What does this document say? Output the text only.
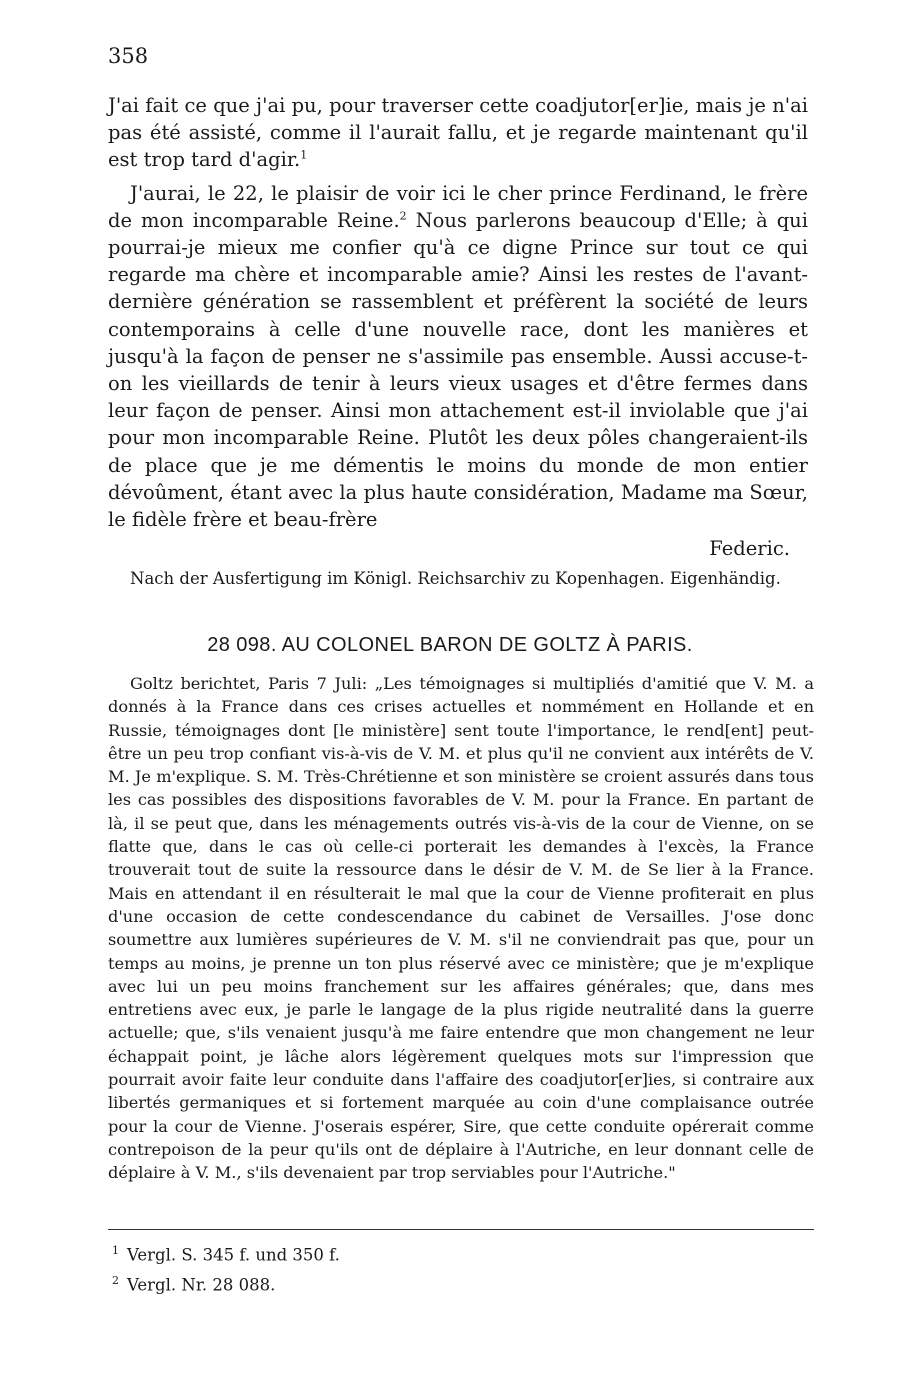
358

J'ai fait ce que j'ai pu, pour traverser cette coadjutor[er]ie, mais je n'ai pas été assisté, comme il l'aurait fallu, et je regarde maintenant qu'il est trop tard d'agir.$^1$

J'aurai, le 22, le plaisir de voir ici le cher prince Ferdinand, le frère de mon incomparable Reine.$^2$ Nous parlerons beaucoup d'Elle; à qui pourrai-je mieux me confier qu'à ce digne Prince sur tout ce qui regarde ma chère et incomparable amie? Ainsi les restes de l'avant-dernière génération se rassemblent et préfèrent la société de leurs contemporains à celle d'une nouvelle race, dont les manières et jusqu'à la façon de penser ne s'assimile pas ensemble. Aussi accuse-t-on les vieillards de tenir à leurs vieux usages et d'être fermes dans leur façon de penser. Ainsi mon attachement est-il inviolable que j'ai pour mon incomparable Reine. Plutôt les deux pôles changeraient-ils de place que je me démentis le moins du monde de mon entier dévoûment, étant avec la plus haute considération, Madame ma Sœur, le fidèle frère et beau-frère

Federic.
Nach der Ausfertigung im Königl. Reichsarchiv zu Kopenhagen. Eigenhändig.
28 098. AU COLONEL BARON DE GOLTZ À PARIS.

Goltz berichtet, Paris 7 Juli: „Les témoignages si multipliés d'amitié que V. M. a donnés à la France dans ces crises actuelles et nommément en Hollande et en Russie, témoignages dont [le ministère] sent toute l'importance, le rend[ent] peut-être un peu trop confiant vis-à-vis de V. M. et plus qu'il ne convient aux intérêts de V. M. Je m'explique. S. M. Très-Chrétienne et son ministère se croient assurés dans tous les cas possibles des dispositions favorables de V. M. pour la France. En partant de là, il se peut que, dans les ménagements outrés vis-à-vis de la cour de Vienne, on se flatte que, dans le cas où celle-ci porterait les demandes à l'excès, la France trouverait tout de suite la ressource dans le désir de V. M. de Se lier à la France. Mais en attendant il en résulterait le mal que la cour de Vienne profiterait en plus d'une occasion de cette condescendance du cabinet de Versailles. J'ose donc soumettre aux lumières supérieures de V. M. s'il ne conviendrait pas que, pour un temps au moins, je prenne un ton plus réservé avec ce ministère; que je m'explique avec lui un peu moins franchement sur les affaires générales; que, dans mes entretiens avec eux, je parle le langage de la plus rigide neutralité dans la guerre actuelle; que, s'ils venaient jusqu'à me faire entendre que mon changement ne leur échappait point, je lâche alors légèrement quelques mots sur l'impression que pourrait avoir faite leur conduite dans l'affaire des coadjutor[er]ies, si contraire aux libertés germaniques et si fortement marquée au coin d'une complaisance outrée pour la cour de Vienne. J'oserais espérer, Sire, que cette conduite opérerait comme contrepoison de la peur qu'ils ont de déplaire à l'Autriche, en leur donnant celle de déplaire à V. M., s'ils devenaient par trop serviables pour l'Autriche."

$^1$ Vergl. S. 345 f. und 350 f.
$^2$ Vergl. Nr. 28 088.
